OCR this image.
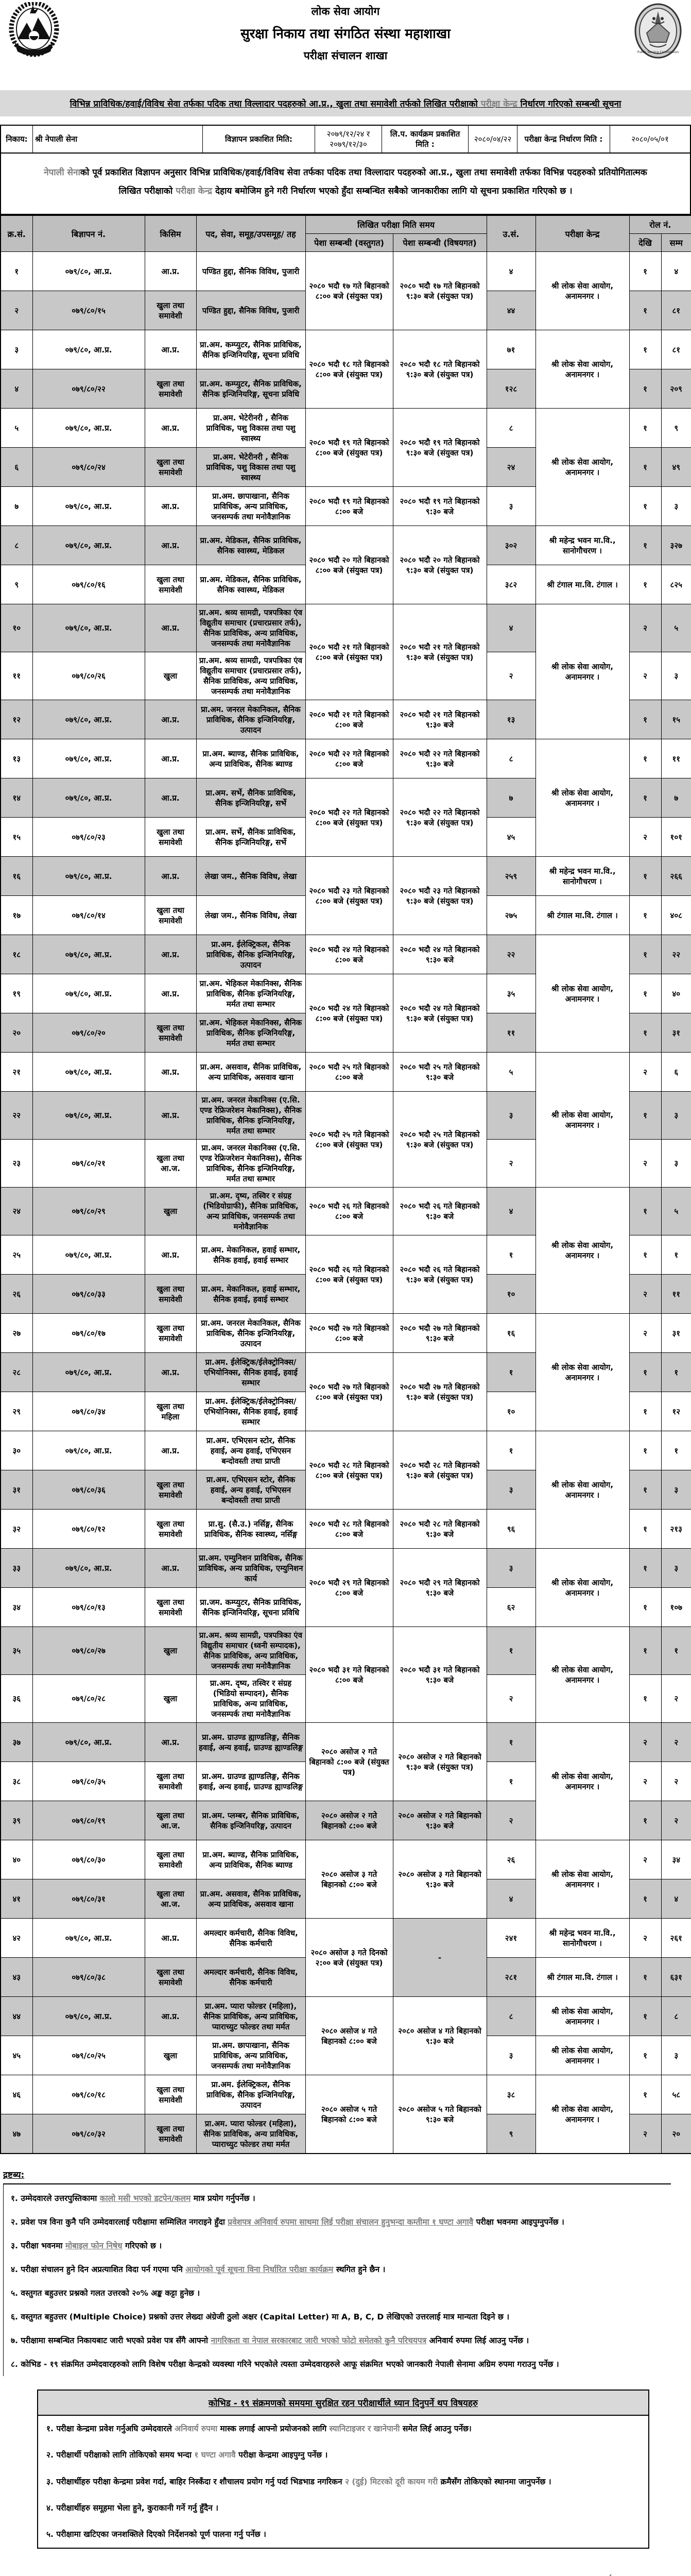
लोक सेवा आयोग
सुरक्षा निकाय तथा संगठित संस्था महाशाखा
परीक्षा संचालन शाखा	Public Service Commission
विभिन्न प्राविधिक/हवाई/विविध सेवा तर्फका पदिक तथा विल्लादार पदहरुको आ.प्र., खुला तथा समावेशी तर्फको लिखित परीक्षाको परीक्षा केन्द्र निर्धारण गरिएको सम्बन्धी सूचना
निकाय: श्री नेपाली सेना	विज्ञापन प्रकाशित मिति:
२०७९/१२/२४ र २०७९/१२/३०
लि.प. कार्यक्रम प्रकाशित मिति :
२०८०/०४/२२	परीक्षा केन्द्र निर्धारण मिति :	२०८०/०५/०१
नेपाली सेनाको पूर्व प्रकाशित विज्ञापन अनुसार विभिन्न प्राविधिक/हवाई/विविध सेवा तर्फका पदिक तथा विल्लादार पदहरुको आ.प्र., खुला तथा समावेशी तर्फका विभिन्न पदहरुको प्रतियोगितात्मक लिखित परीक्षाको परीक्षा केन्द्र देहाय बमोजिम हुने गरी निर्धारण भएको हुँदा सम्बन्धित सबैको जानकारीका लागि यो सूचना प्रकाशित गरिएको छ ।
क्र.सं.	बिज्ञापन नं.	किसिम	पद, सेवा, समूह/उपसमूह/ तह	लिखित परीक्षा मिति समय		उ.सं.	परीक्षा केन्द्र	रोल नं.	
				पेशा सम्बन्धी (वस्तुगत)	पेशा सम्बन्धी (विषयगत)			देखि	सम्म
१	०७९/८०, आ.प्र.	आ.प्र.	पण्डित हुद्दा, सैनिक विविध, पुजारी	२०८० भदौ १७ गते बिहानको ८:०० बजे (संयुक्त पत्र)	२०८० भदौ १७ गते बिहानको ९:३० बजे (संयुक्त पत्र)	४	श्री लोक सेवा आयोग, अनामनगर ।	१	४
२	०७९/८०/१५	खुला तथा समावेशी	पण्डित हुद्दा, सैनिक विविध, पुजारी			४४		१	८१
३	०७९/८०, आ.प्र.	आ.प्र.	प्रा.अम. कम्प्युटर, सैनिक प्राविधिक, सैनिक इन्जिनियरिङ्ग, सूचना प्रविधि	२०८० भदौ १८ गते बिहानको ८:०० बजे (संयुक्त पत्र)	२०८० भदौ १८ गते बिहानको ९:३० बजे (संयुक्त पत्र)	७१	श्री लोक सेवा आयोग, अनामनगर ।	१	८१
४	०७९/८०/२२	खुला तथा समावेशी	प्रा.अम. कम्प्युटर, सैनिक प्राविधिक, सैनिक इन्जिनियरिङ्ग, सूचना प्रविधि			१२८		१	२०९
५	०७९/८०, आ.प्र.	आ.प्र.	प्रा.अम. भेटेरीनरी , सैनिक प्राविधिक, पशु विकास तथा पशु स्वास्थ्य	२०८० भदौ १९ गते बिहानको ८:०० बजे (संयुक्त पत्र)	२०८० भदौ १९ गते बिहानको ९:३० बजे (संयुक्त पत्र)	८	श्री लोक सेवा आयोग, अनामनगर ।	१	९
६	०७९/८०/२४	खुला तथा समावेशी	प्रा.अम. भेटेरीनरी , सैनिक प्राविधिक, पशु विकास तथा पशु स्वास्थ्य			२४		१	४९
७	०७९/८०, आ.प्र.	आ.प्र.	प्रा.अम. छापाखाना, सैनिक प्राविधिक, अन्य प्राविधिक, जनसम्पर्क तथा मनोवैज्ञानिक	२०८० भदौ १९ गते बिहानको ८:०० बजे	२०८० भदौ १९ गते बिहानको ९:३० बजे	३		१	३
८	०७९/८०, आ.प्र.	आ.प्र.	प्रा.अम. मेडिकल, सैनिक प्राविधिक, सैनिक स्वास्थ्य, मेडिकल	२०८० भदौ २० गते बिहानको ८:०० बजे (संयुक्त पत्र)	२०८० भदौ २० गते बिहानको ९:३० बजे (संयुक्त पत्र)	३०२	श्री महेन्द्र भवन मा.वि., सानोगौचरण ।	१	३२७
९	०७९/८०/१६	खुला तथा समावेशी	प्रा.अम. मेडिकल, सैनिक प्राविधिक, सैनिक स्वास्थ्य, मेडिकल			३८२	श्री टंगाल मा.वि. टंगाल ।	१	८२५
१०	०७९/८०, आ.प्र.	आ.प्र.	प्रा.अम. श्रव्य सामग्री, पत्रपत्रिका एंव विद्युतीय समाचार (प्रचारप्रसार तर्फ), सैनिक प्राविधिक, अन्य प्राविधिक, जनसम्पर्क तथा मनोवैज्ञानिक	२०८० भदौ २१ गते बिहानको ८:०० बजे (संयुक्त पत्र)	२०८० भदौ २१ गते बिहानको ९:३० बजे (संयुक्त पत्र)	४	श्री लोक सेवा आयोग, अनामनगर ।	२	५
११	०७९/८०/२६	खुला	प्रा.अम. श्रव्य सामग्री, पत्रपत्रिका एंव विद्युतीय समाचार (प्रचारप्रसार तर्फ), सैनिक प्राविधिक, अन्य प्राविधिक, जनसम्पर्क तथा मनोवैज्ञानिक			२		२	३
१२	०७९/८०, आ.प्र.	आ.प्र.	प्रा.अम. जनरल मेकानिकल, सैनिक प्राविधिक, सैनिक इन्जिनियरिङ्ग, उत्पादन	२०८० भदौ २१ गते बिहानको ८:०० बजे	२०८० भदौ २१ गते बिहानको ९:३० बजे	१३		१	१५
१३	०७९/८०, आ.प्र.	आ.प्र.	प्रा.अम. ब्याण्ड, सैनिक प्राविधिक, अन्य प्राविधिक, सैनिक ब्याण्ड	२०८० भदौ २२ गते बिहानको ८:०० बजे	२०८० भदौ २२ गते बिहानको ९:३० बजे	८	श्री लोक सेवा आयोग, अनामनगर ।	१	११
१४	०७९/८०, आ.प्र.	आ.प्र.	प्रा.अम. सर्भे, सैनिक प्राविधिक, सैनिक इन्जिनियरिङ्ग, सर्भे	२०८० भदौ २२ गते बिहानको ८:०० बजे (संयुक्त पत्र)	२०८० भदौ २२ गते बिहानको ९:३० बजे (संयुक्त पत्र)	७		१	७
१५	०७९/८०/२३	खुला तथा समावेशी	प्रा.अम. सर्भे, सैनिक प्राविधिक, सैनिक इन्जिनियरिङ्ग, सर्भे			४५		२	१०१
१६	०७९/८०, आ.प्र.	आ.प्र.	लेखा जम., सैनिक विविध, लेखा	२०८० भदौ २३ गते बिहानको ८:०० बजे (संयुक्त पत्र)	२०८० भदौ २३ गते बिहानको ९:३० बजे (संयुक्त पत्र)	२५९	श्री महेन्द्र भवन मा.वि., सानोगौचरण ।	१	२६६
१७	०७९/८०/१४	खुला तथा समावेशी	लेखा जम., सैनिक विविध, लेखा			२७५	श्री टंगाल मा.वि. टंगाल ।	१	४०८
१८	०७९/८०, आ.प्र.	आ.प्र.	प्रा.अम. ईलेक्ट्रिकल, सैनिक प्राविधिक, सैनिक इन्जिनियरिङ्ग, उत्पादन	२०८० भदौ २४ गते बिहानको ८:०० बजे	२०८० भदौ २४ गते बिहानको ९:३० बजे	२२	श्री लोक सेवा आयोग, अनामनगर ।	१	२२
१९	०७९/८०, आ.प्र.	आ.प्र.	प्रा.अम. भेहिकल मेकानिक्स, सैनिक प्राविधिक, सैनिक इन्जिनियरिङ्ग, मर्मत तथा सम्भार	२०८० भदौ २४ गते बिहानको ८:०० बजे (संयुक्त पत्र)	२०८० भदौ २४ गते बिहानको ९:३० बजे (संयुक्त पत्र)	३५		१	४०
२०	०७९/८०/२०	खुला तथा समावेशी	प्रा.अम. भेहिकल मेकानिक्स, सैनिक प्राविधिक, सैनिक इन्जिनियरिङ्ग, मर्मत तथा सम्भार			११		१	३१
२१	०७९/८०, आ.प्र.	आ.प्र.	प्रा.अम. असवाव, सैनिक प्राविधिक, अन्य प्राविधिक, असवाव खाना	२०८० भदौ २५ गते बिहानको ८:०० बजे	२०८० भदौ २५ गते बिहानको ९:३० बजे	५	श्री लोक सेवा आयोग, अनामनगर ।	२	६
२२	०७९/८०, आ.प्र.	आ.प्र.	प्रा.अम. जनरल मेकानिक्स (ए.सि. एण्ड रेफ्रिजरेशन मेकानिक्स), सैनिक प्राविधिक, सैनिक इन्जिनियरिङ्ग, मर्मत तथा सम्भार	२०८० भदौ २५ गते बिहानको ८:०० बजे (संयुक्त पत्र)	२०८० भदौ २५ गते बिहानको ९:३० बजे (संयुक्त पत्र)	३		१	३
२३	०७९/८०/२१	खुला तथा आ.ज.	प्रा.अम. जनरल मेकानिक्स (ए.सि. एण्ड रेफ्रिजरेशन मेकानिक्स), सैनिक प्राविधिक, सैनिक इन्जिनियरिङ्ग, मर्मत तथा सम्भार			२		२	३
२४	०७९/८०/२९	खुला	प्रा.अम. दृष्य, तस्विर र संग्रह (भिडियोग्राफी), सैनिक प्राविधिक, अन्य प्राविधिक, जनसम्पर्क तथा मनोवैज्ञानिक	२०८० भदौ २६ गते बिहानको ८:०० बजे	२०८० भदौ २६ गते बिहानको ९:३० बजे	४	श्री लोक सेवा आयोग, अनामनगर ।	१	५
२५	०७९/८०, आ.प्र.	आ.प्र.	प्रा.अम. मेकानिकल, हवाई सम्भार, सैनिक हवाई, हवाई सम्भार	२०८० भदौ २६ गते बिहानको ८:०० बजे (संयुक्त पत्र)	२०८० भदौ २६ गते बिहानको ९:३० बजे (संयुक्त पत्र)	१		१	१
२६	०७९/८०/३३	खुला तथा समावेशी	प्रा.अम. मेकानिकल, हवाई सम्भार, सैनिक हवाई, हवाई सम्भार			१०		२	११
२७	०७९/८०/१७	खुला तथा समावेशी	प्रा.अम. जनरल मेकानिकल, सैनिक प्राविधिक, सैनिक इन्जिनियरिङ्ग, उत्पादन	२०८० भदौ २७ गते बिहानको ८:०० बजे	२०८० भदौ २७ गते बिहानको ९:३० बजे	१६	श्री लोक सेवा आयोग, अनामनगर ।	२	३१
२८	०७९/८०, आ.प्र.	आ.प्र.	प्रा.अम. ईलेक्ट्रिक/ईलेक्ट्रोनिक्स/एभियोनिक्स, सैनिक हवाई, हवाई सम्भार	२०८० भदौ २७ गते बिहानको ८:०० बजे (संयुक्त पत्र)	२०८० भदौ २७ गते बिहानको ९:३० बजे (संयुक्त पत्र)	१		१	१
२९	०७९/८०/३४	खुला तथा महिला	प्रा.अम. ईलेक्ट्रिक/ईलेक्ट्रोनिक्स/एभियोनिक्स, सैनिक हवाई, हवाई सम्भार			१०		१	१२
३०	०७९/८०, आ.प्र.	आ.प्र.	प्रा.अम. एभिएसन स्टोर, सैनिक हवाई, अन्य हवाई, एभिएसन बन्दोवस्ती तथा प्राप्ती	२०८० भदौ २८ गते बिहानको ८:०० बजे (संयुक्त पत्र)	२०८० भदौ २८ गते बिहानको ९:३० बजे (संयुक्त पत्र)	१	श्री लोक सेवा आयोग, अनामनगर ।	१	१
३१	०७९/८०/३६	खुला तथा समावेशी	प्रा.अम. एभिएसन स्टोर, सैनिक हवाई, अन्य हवाई, एभिएसन बन्दोवस्ती तथा प्राप्ती			३		१	३
३२	०७९/८०/१२	खुला तथा समावेशी	प्रा.सु. (सै.उ.) नर्सिङ्ग, सैनिक प्राविधिक, सैनिक स्वास्थ्य, नर्सिङ्ग	२०८० भदौ २८ गते बिहानको ८:०० बजे	२०८० भदौ २८ गते बिहानको ९:३० बजे	९६		१	२१३
३३	०७९/८०, आ.प्र.	आ.प्र.	प्रा.अम. एम्युनिशन प्राविधिक, सैनिक प्राविधिक, अन्य प्राविधिक, एम्युनिशन कार्य	२०८० भदौ २९ गते बिहानको ८:०० बजे	२०८० भदौ २९ गते बिहानको ९:३० बजे	३	श्री लोक सेवा आयोग, अनामनगर ।	१	३
३४	०७९/८०/१३	खुला तथा समावेशी	प्रा.जम. कम्प्युटर, सैनिक प्राविधिक, सैनिक इन्जिनियरिङ्ग, सूचना प्रविधि			६२		१	१०७
३५	०७९/८०/२७	खुला	प्रा.अम. श्रव्य सामग्री, पत्रपत्रिका एंव विद्युतीय समाचार (ध्वनी सम्पादक), सैनिक प्राविधिक, अन्य प्राविधिक, जनसम्पर्क तथा मनोवैज्ञानिक	२०८० भदौ ३१ गते बिहानको ८:०० बजे	२०८० भदौ ३१ गते बिहानको ९:३० बजे	१	श्री लोक सेवा आयोग, अनामनगर ।	१	१
३६	०७९/८०/२८	खुला	प्रा.अम. दृष्य, तस्विर र संग्रह (भिडियो सम्पादन), सैनिक प्राविधिक, अन्य प्राविधिक, जनसम्पर्क तथा मनोवैज्ञानिक			२		१	२
३७	०७९/८०, आ.प्र.	आ.प्र.	प्रा.अम. ग्राउण्ड ह्याण्डलिङ्ग, सैनिक हवाई, अन्य हवाई, ग्राउण्ड ह्याण्डलिङ्ग	२०८० असोज २ गते बिहानको ८:०० बजे (संयुक्त पत्र)	२०८० असोज २ गते बिहानको ९:३० बजे (संयुक्त पत्र)	१	श्री लोक सेवा आयोग, अनामनगर ।	२	२
३८	०७९/८०/३५	खुला तथा समावेशी	प्रा.अम. ग्राउण्ड ह्याण्डलिङ्ग, सैनिक हवाई, अन्य हवाई, ग्राउण्ड ह्याण्डलिङ्ग			१		२	२
३९	०७९/८०/१९	खुला तथा आ.ज.	प्रा.अम. प्लम्बर, सैनिक प्राविधिक, सैनिक इन्जिनियरिङ्ग, उत्पादन	२०८० असोज २ गते बिहानको ८:०० बजे	२०८० असोज २ गते बिहानको ९:३० बजे	२		१	२
४०	०७९/८०/३०	खुला तथा समावेशी	प्रा.अम. ब्याण्ड, सैनिक प्राविधिक, अन्य प्राविधिक, सैनिक ब्याण्ड	२०८० असोज ३ गते बिहानको ८:०० बजे	२०८० असोज ३ गते बिहानको ९:३० बजे	२६	श्री लोक सेवा आयोग, अनामनगर ।	२	३४
४१	०७९/८०/३१	खुला तथा आ.ज.	प्रा.अम. असवाव, सैनिक प्राविधिक, अन्य प्राविधिक, असवाव खाना			४		१	४
४२	०७९/८०, आ.प्र.	आ.प्र.	अमल्दार कर्मचारी, सैनिक विविध, सैनिक कर्मचारी	२०८० असोज ३ गते दिनको २:०० बजे (संयुक्त पत्र)	-	२४१	श्री महेन्द्र भवन मा.वि., सानोगौचरण ।	२	२६१
४३	०७९/८०/३८	खुला तथा समावेशी	अमल्दार कर्मचारी, सैनिक विविध, सैनिक कर्मचारी			२८१	श्री टंगाल मा.वि. टंगाल ।	१	६३१
४४	०७९/८०, आ.प्र.	आ.प्र.	प्रा.अम. प्यारा फोल्डर (महिला), सैनिक प्राविधिक, अन्य प्राविधिक, प्याराच्युट फोल्डर तथा मर्मत	२०८० असोज ४ गते बिहानको ८:०० बजे	२०८० असोज ४ गते बिहानको ९:३० बजे	८	श्री लोक सेवा आयोग, अनामनगर ।	१	८
४५	०७९/८०/२५	खुला	प्रा.अम. छापाखाना, सैनिक प्राविधिक, अन्य प्राविधिक, जनसम्पर्क तथा मनोवैज्ञानिक			३	श्री लोक सेवा आयोग, अनामनगर ।	१	३
४६	०७९/८०/१८	खुला तथा समावेशी	प्रा.अम. ईलेक्ट्रिकल, सैनिक प्राविधिक, सैनिक इन्जिनियरिङ्ग, उत्पादन	२०८० असोज ५ गते बिहानको ८:०० बजे	२०८० असोज ५ गते बिहानको ९:३० बजे	३८	श्री लोक सेवा आयोग, अनामनगर ।	१	५८
४७	०७९/८०/३२	खुला तथा समावेशी	प्रा.अम. प्यारा फोल्डर (महिला), सैनिक प्राविधिक, अन्य प्राविधिक, प्याराच्युट फोल्डर तथा मर्मत			९		२	२०
द्रष्टब्य:
१. उम्मेदवारले उत्तरपुस्तिकामा कालो मसी भएको डटपेन/कलम मात्र प्रयोग गर्नुपर्नेछ ।
२. प्रवेश पत्र विना कुनै पनि उम्मेदवारलाई परीक्षामा सम्मिलित नगराइने हुँदा प्रवेशपत्र अनिवार्य रुपमा साथमा लिई परीक्षा संचालन हुनुभन्दा कम्तीमा १ घण्टा अगावै परीक्षा भवनमा आइपुग्नुपर्नेछ ।
३. परीक्षा भवनमा मोबाइल फोन निषेध गरिएको छ ।
४. परीक्षा संचालन हुने दिन अप्रत्याशित विदा पर्न गएमा पनि आयोगको पूर्व सूचना विना निर्धारित परीक्षा कार्यक्रम स्थगित हुने छैन ।
५. वस्तुगत बहुउत्तर प्रश्नको गलत उत्तरको २०% अङ्क कट्टा हुनेछ ।
६. वस्तुगत बहुउत्तर (Multiple Choice) प्रश्नको उत्तर लेख्दा अंग्रेजी ठुलो अक्षर (Capital Letter) मा A, B, C, D लेखिएको उत्तरलाई मात्र मान्यता दिइने छ ।
७. परीक्षामा सम्बन्धित निकायबाट जारी भएको प्रवेश पत्र सँगै आफ्नो नागरिकता वा नेपाल सरकारबाट जारी भएको फोटो समेतको कुनै परिचयपत्र अनिवार्य रुपमा लिई आउनु पर्नेछ ।
८. कोभिड - १९ संक्रमित उम्मेदवारहरुको लागि विशेष परीक्षा केन्द्रको व्यवस्था गरिने भएकोले त्यस्ता उम्मेदवारहरुले आफू संक्रमित भएको जानकारी नेपाली सेनामा अग्रिम रुपमा गराउनु पर्नेछ ।
कोभिड - १९ संक्रमणको समयमा सुरक्षित रहन परीक्षार्थीले ध्यान दिनुपर्ने थप विषयहरु
१. परीक्षा केन्द्रमा प्रवेश गर्नुअघि उम्मेदवारले अनिवार्य रुपमा मास्क लगाई आफ्नो प्रयोजनको लागि स्यानिटाइजर र खानेपानी समेत लिई आउनु पर्नेछ।
२. परीक्षार्थी परीक्षाको लागि तोकिएको समय भन्दा १ घण्टा अगावै परीक्षा केन्द्रमा आइपुग्नु पर्नेछ ।
३. परीक्षार्थीहरु परीक्षा केन्द्रमा प्रवेश गर्दा, बाहिर निस्कँदा र शौचालय प्रयोग गर्नु पर्दा भिडभाड नगरिकन २ (दुई) मिटरको दूरी कायम गरी क्रमैसँग तोकिएको स्थानमा जानुपर्नेछ ।
४. परीक्षार्थीहरु समूहमा भेला हुने, कुराकानी गर्ने गर्नु हुँदैन ।
५. परीक्षामा खटिएका जनशक्तिले दिएको निर्देशनको पूर्ण पालना गर्नु पर्नेछ ।
